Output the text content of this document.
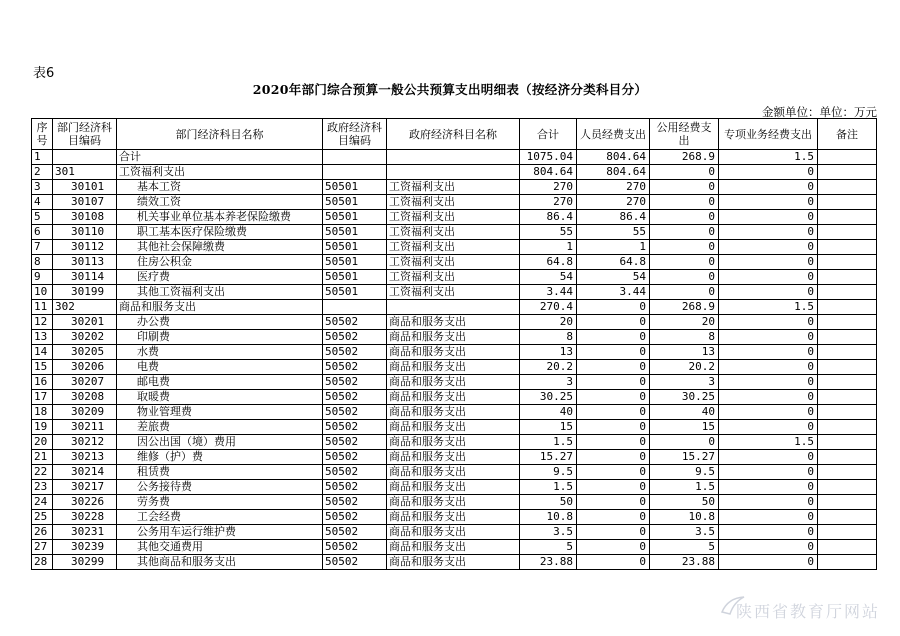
表6
2020年部门综合预算一般公共预算支出明细表（按经济分类科目分）
金额单位：单位：万元
序号	部门经济科目编码	部门经济科目名称	政府经济科目编码	政府经济科目名称	合计	人员经费支出	公用经费支出	专项业务经费支出	备注
1		合计			1075.04	804.64	268.9	1.5	
2	301	工资福利支出			804.64	804.64	0	0	
3	30101	基本工资	50501	工资福利支出	270	270	0	0	
4	30107	绩效工资	50501	工资福利支出	270	270	0	0	
5	30108	机关事业单位基本养老保险缴费	50501	工资福利支出	86.4	86.4	0	0	
6	30110	职工基本医疗保险缴费	50501	工资福利支出	55	55	0	0	
7	30112	其他社会保障缴费	50501	工资福利支出	1	1	0	0	
8	30113	住房公积金	50501	工资福利支出	64.8	64.8	0	0	
9	30114	医疗费	50501	工资福利支出	54	54	0	0	
10	30199	其他工资福利支出	50501	工资福利支出	3.44	3.44	0	0	
11	302	商品和服务支出			270.4	0	268.9	1.5	
12	30201	办公费	50502	商品和服务支出	20	0	20	0	
13	30202	印刷费	50502	商品和服务支出	8	0	8	0	
14	30205	水费	50502	商品和服务支出	13	0	13	0	
15	30206	电费	50502	商品和服务支出	20.2	0	20.2	0	
16	30207	邮电费	50502	商品和服务支出	3	0	3	0	
17	30208	取暖费	50502	商品和服务支出	30.25	0	30.25	0	
18	30209	物业管理费	50502	商品和服务支出	40	0	40	0	
19	30211	差旅费	50502	商品和服务支出	15	0	15	0	
20	30212	因公出国（境）费用	50502	商品和服务支出	1.5	0	0	1.5	
21	30213	维修（护）费	50502	商品和服务支出	15.27	0	15.27	0	
22	30214	租赁费	50502	商品和服务支出	9.5	0	9.5	0	
23	30217	公务接待费	50502	商品和服务支出	1.5	0	1.5	0	
24	30226	劳务费	50502	商品和服务支出	50	0	50	0	
25	30228	工会经费	50502	商品和服务支出	10.8	0	10.8	0	
26	30231	公务用车运行维护费	50502	商品和服务支出	3.5	0	3.5	0	
27	30239	其他交通费用	50502	商品和服务支出	5	0	5	0	
28	30299	其他商品和服务支出	50502	商品和服务支出	23.88	0	23.88	0	
陕西省教育厅网站
